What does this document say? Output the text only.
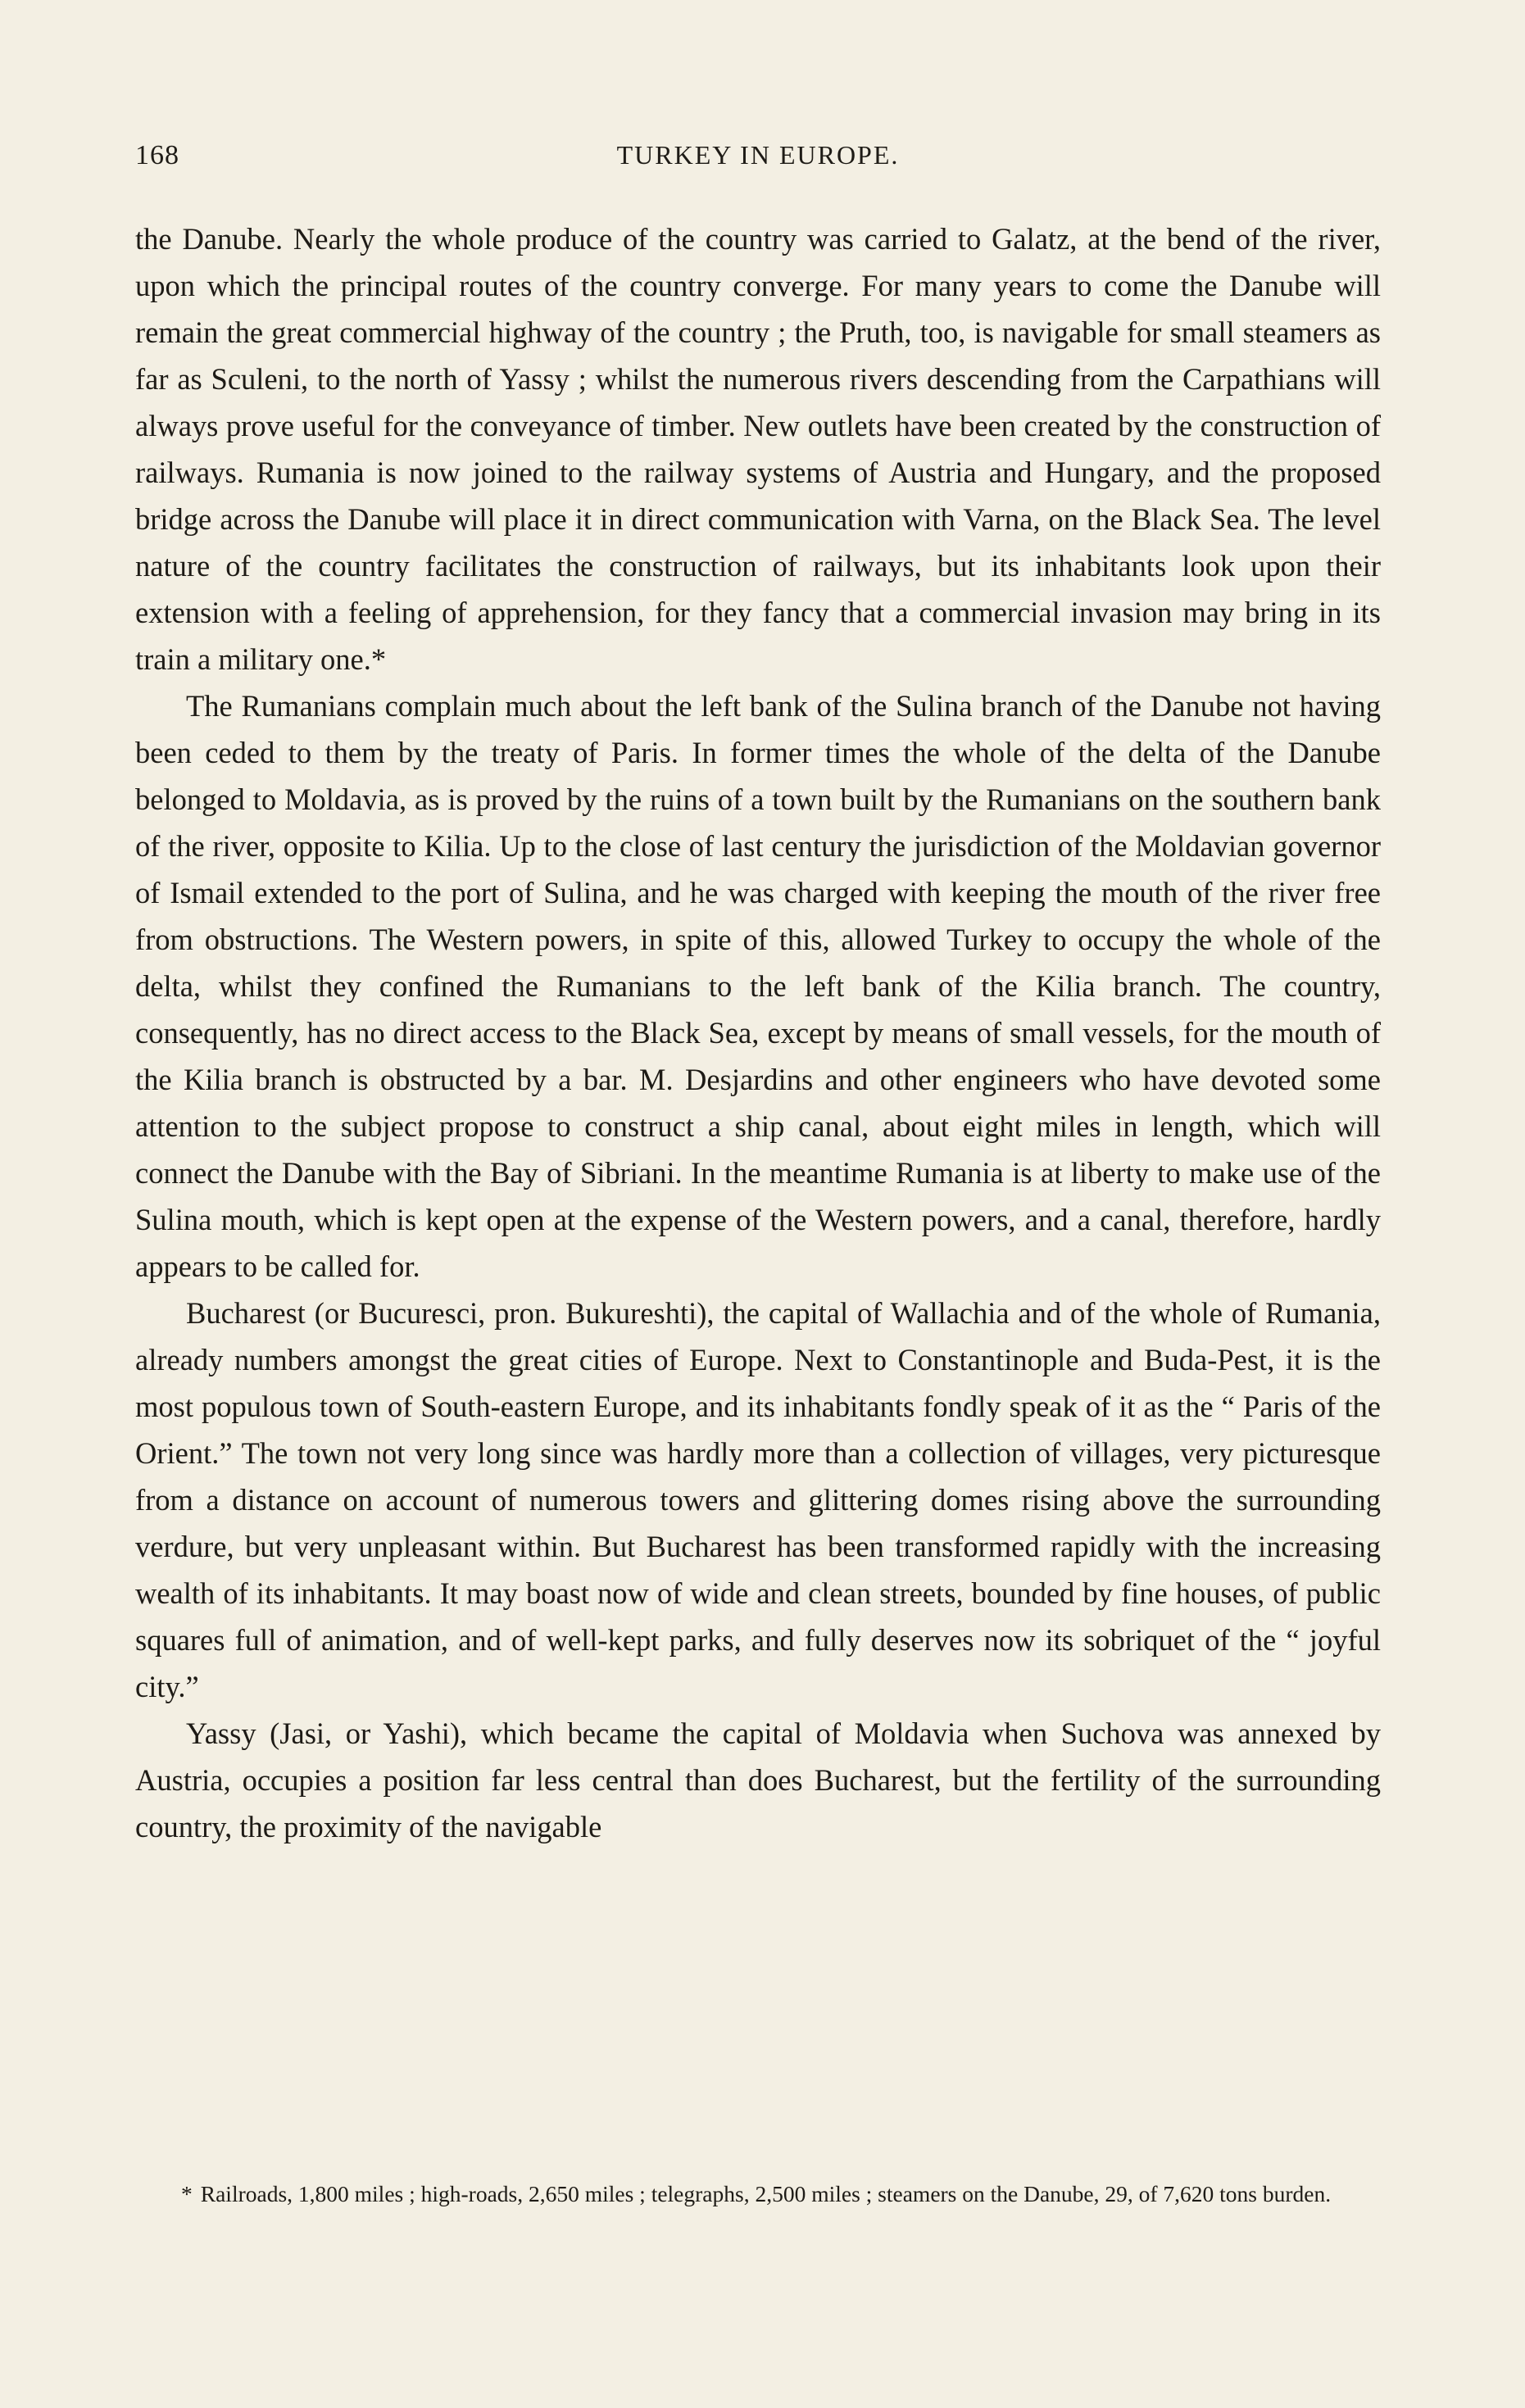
168	TURKEY IN EUROPE.

the Danube. Nearly the whole produce of the country was carried to Galatz, at the bend of the river, upon which the principal routes of the country converge. For many years to come the Danube will remain the great commercial highway of the country ; the Pruth, too, is navigable for small steamers as far as Sculeni, to the north of Yassy ; whilst the numerous rivers descending from the Carpathians will always prove useful for the conveyance of timber. New outlets have been created by the construction of railways. Rumania is now joined to the railway systems of Austria and Hungary, and the proposed bridge across the Danube will place it in direct communication with Varna, on the Black Sea. The level nature of the country facilitates the construction of railways, but its inhabitants look upon their extension with a feeling of apprehension, for they fancy that a commercial invasion may bring in its train a military one.*

The Rumanians complain much about the left bank of the Sulina branch of the Danube not having been ceded to them by the treaty of Paris. In former times the whole of the delta of the Danube belonged to Moldavia, as is proved by the ruins of a town built by the Rumanians on the southern bank of the river, opposite to Kilia. Up to the close of last century the jurisdiction of the Moldavian governor of Ismail extended to the port of Sulina, and he was charged with keeping the mouth of the river free from obstructions. The Western powers, in spite of this, allowed Turkey to occupy the whole of the delta, whilst they confined the Rumanians to the left bank of the Kilia branch. The country, consequently, has no direct access to the Black Sea, except by means of small vessels, for the mouth of the Kilia branch is obstructed by a bar. M. Desjardins and other engineers who have devoted some attention to the subject propose to construct a ship canal, about eight miles in length, which will connect the Danube with the Bay of Sibriani. In the meantime Rumania is at liberty to make use of the Sulina mouth, which is kept open at the expense of the Western powers, and a canal, therefore, hardly appears to be called for.

Bucharest (or Bucuresci, pron. Bukureshti), the capital of Wallachia and of the whole of Rumania, already numbers amongst the great cities of Europe. Next to Constantinople and Buda-Pest, it is the most populous town of South-eastern Europe, and its inhabitants fondly speak of it as the “ Paris of the Orient.” The town not very long since was hardly more than a collection of villages, very picturesque from a distance on account of numerous towers and glittering domes rising above the surrounding verdure, but very unpleasant within. But Bucharest has been transformed rapidly with the increasing wealth of its inhabitants. It may boast now of wide and clean streets, bounded by fine houses, of public squares full of animation, and of well-kept parks, and fully deserves now its sobriquet of the “ joyful city.”

Yassy (Jasi, or Yashi), which became the capital of Moldavia when Suchova was annexed by Austria, occupies a position far less central than does Bucharest, but the fertility of the surrounding country, the proximity of the navigable

* Railroads, 1,800 miles ; high-roads, 2,650 miles ; telegraphs, 2,500 miles ; steamers on the Danube, 29, of 7,620 tons burden.
